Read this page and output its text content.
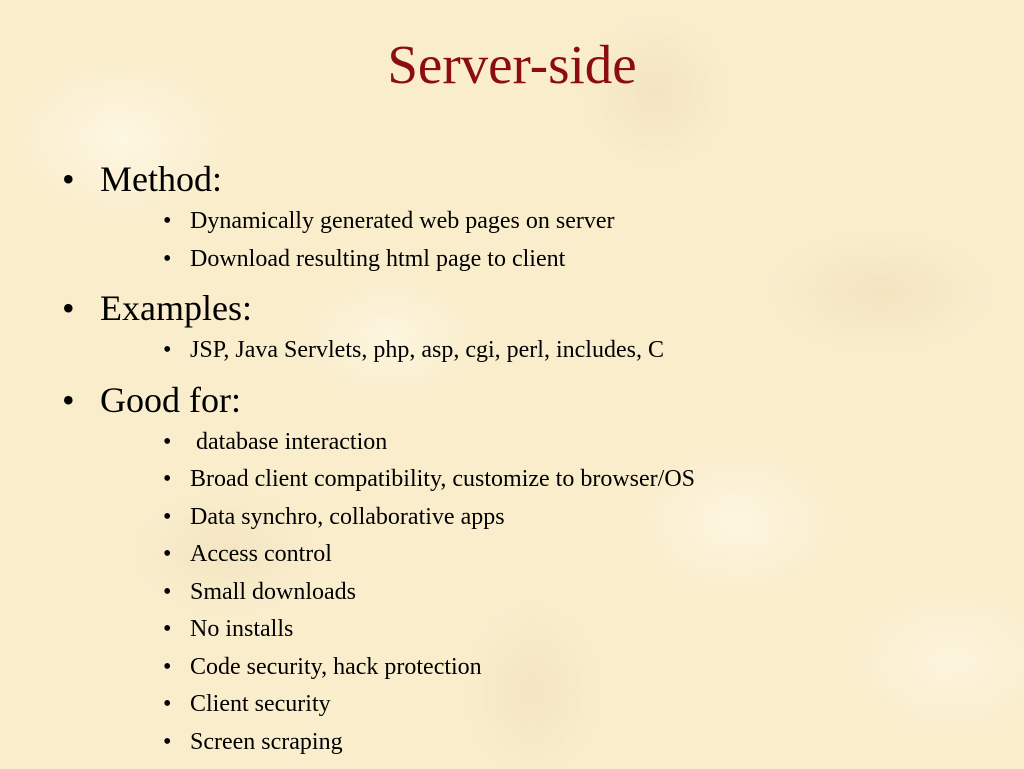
Server-side
• Method:
• Dynamically generated web pages on server
• Download resulting html page to client
• Examples:
• JSP, Java Servlets, php, asp, cgi, perl, includes, C
• Good for:
• database interaction
• Broad client compatibility, customize to browser/OS
• Data synchro, collaborative apps
• Access control
• Small downloads
• No installs
• Code security, hack protection
• Client security
• Screen scraping
